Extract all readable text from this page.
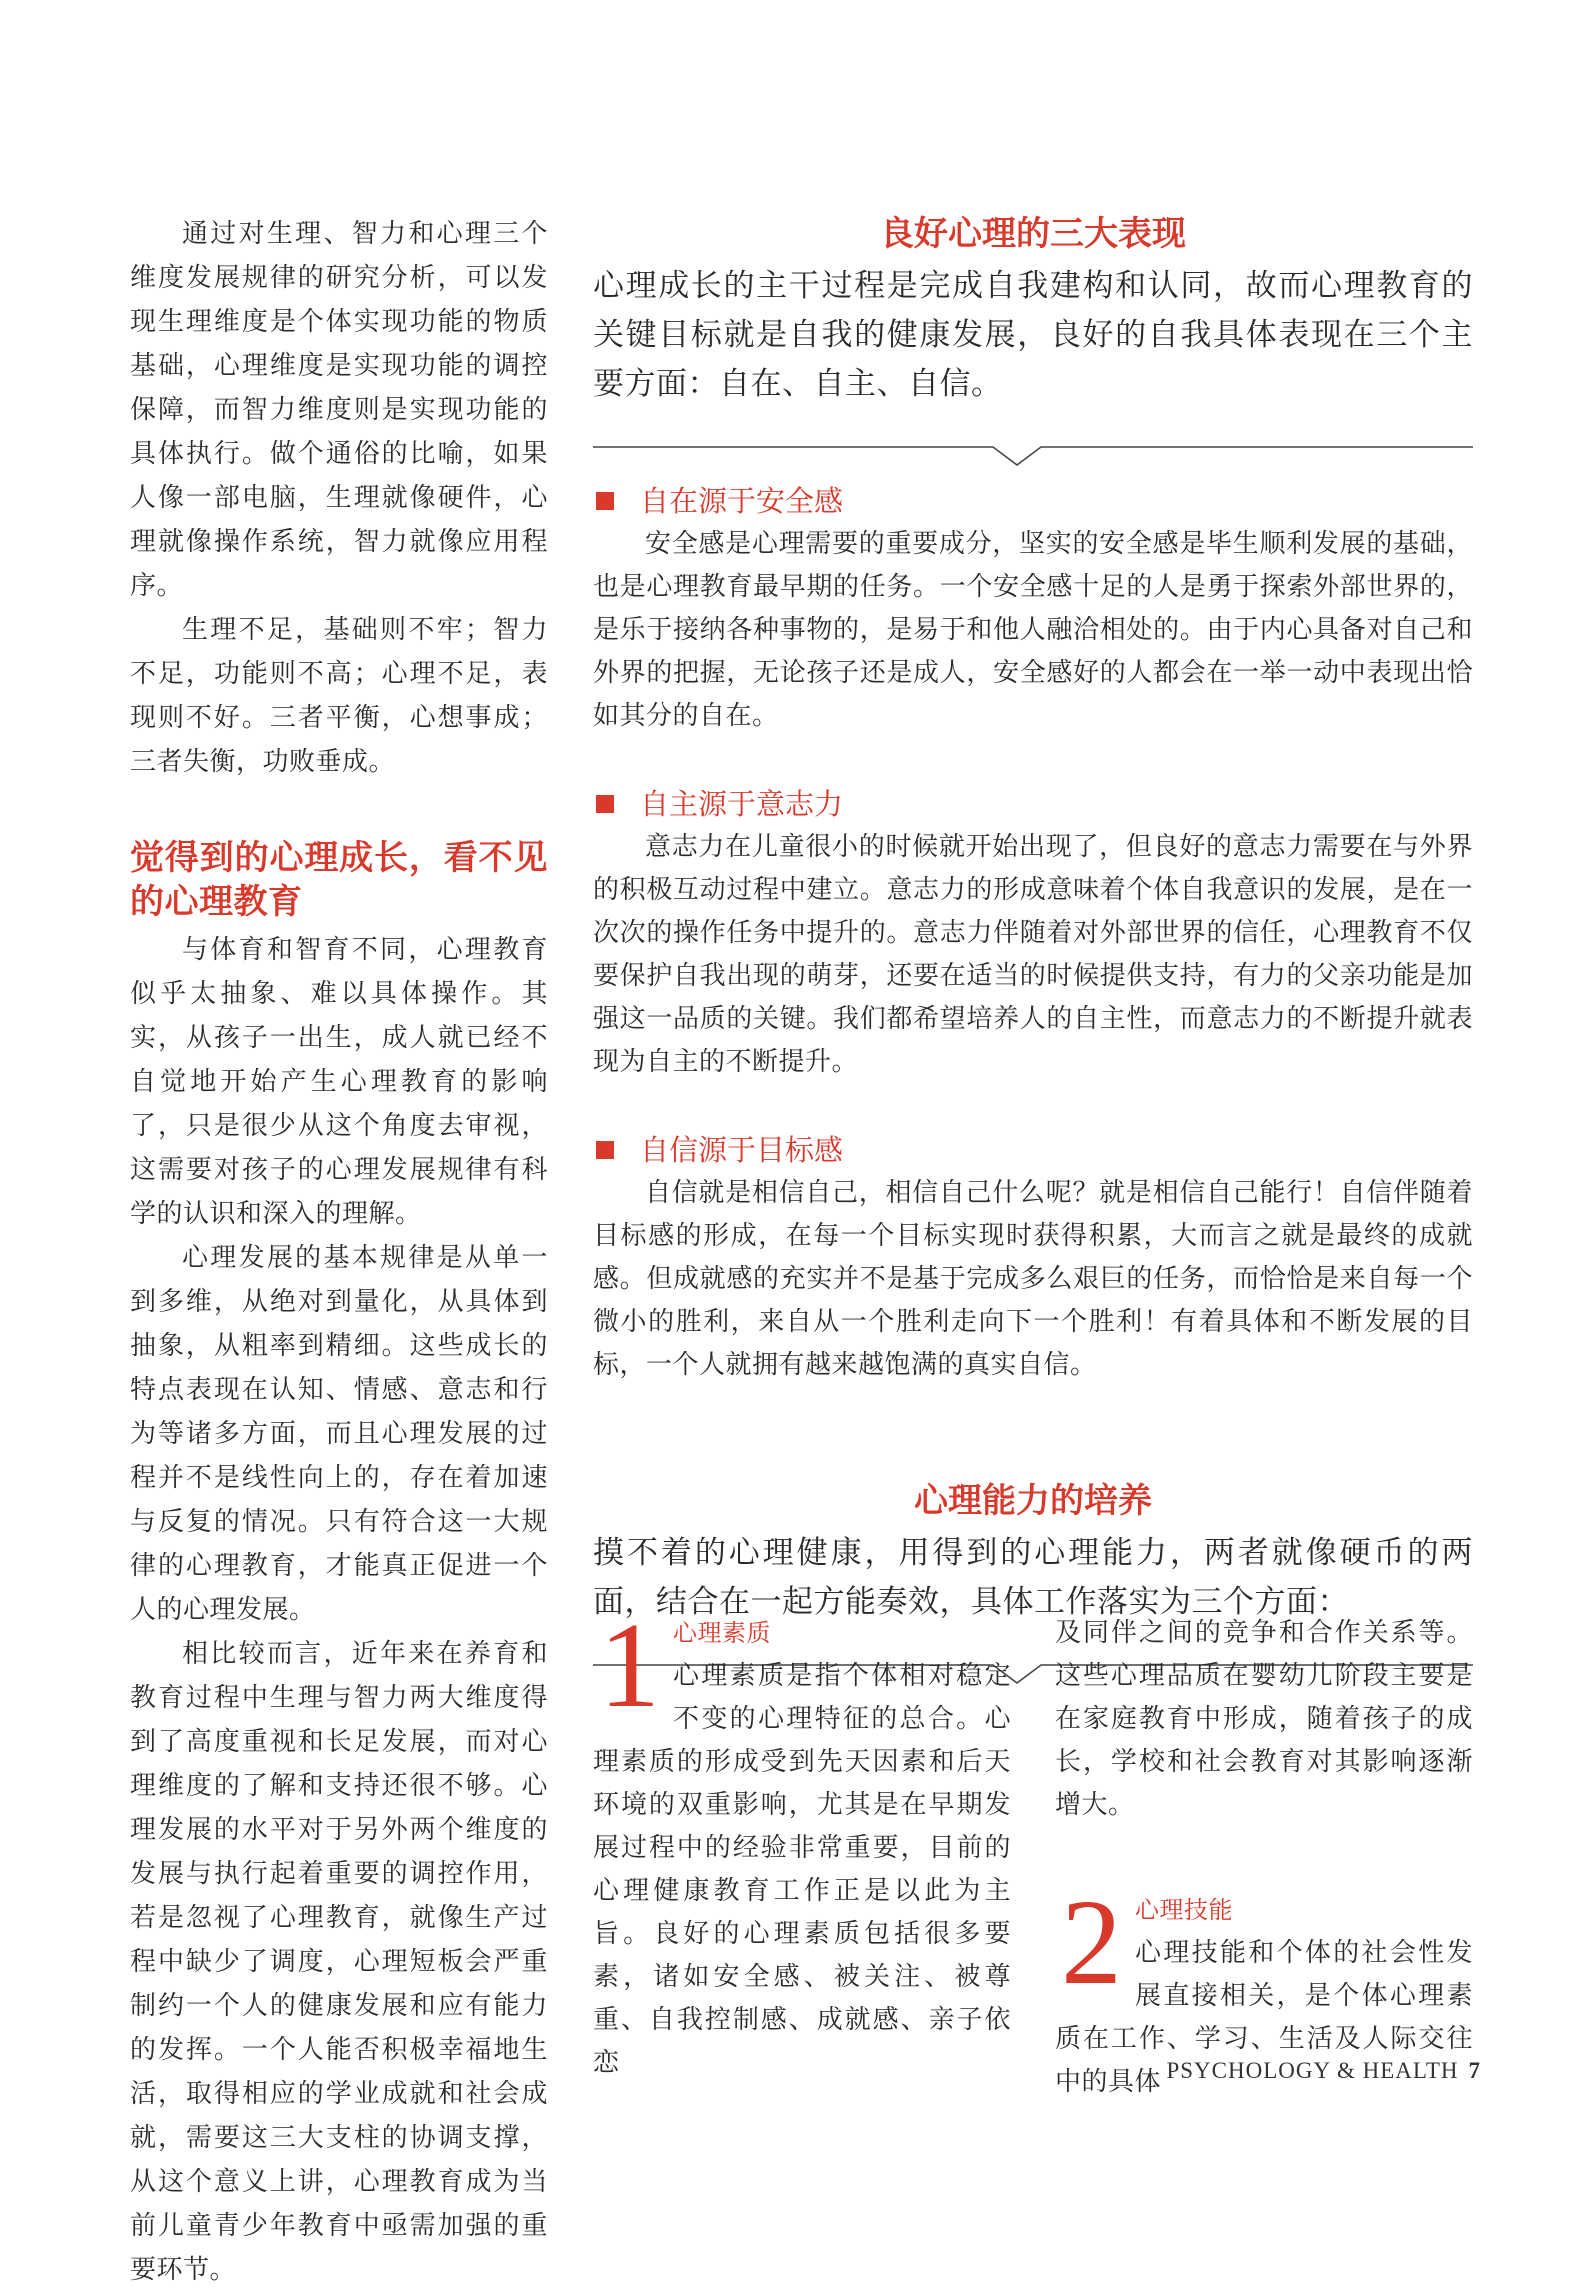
通过对生理、智力和心理三个维度发展规律的研究分析，可以发现生理维度是个体实现功能的物质基础，心理维度是实现功能的调控保障，而智力维度则是实现功能的具体执行。做个通俗的比喻，如果人像一部电脑，生理就像硬件，心理就像操作系统，智力就像应用程序。

生理不足，基础则不牢；智力不足，功能则不高；心理不足，表现则不好。三者平衡，心想事成；三者失衡，功败垂成。

觉得到的心理成长，看不见的心理教育

与体育和智育不同，心理教育似乎太抽象、难以具体操作。其实，从孩子一出生，成人就已经不自觉地开始产生心理教育的影响了，只是很少从这个角度去审视，这需要对孩子的心理发展规律有科学的认识和深入的理解。

心理发展的基本规律是从单一到多维，从绝对到量化，从具体到抽象，从粗率到精细。这些成长的特点表现在认知、情感、意志和行为等诸多方面，而且心理发展的过程并不是线性向上的，存在着加速与反复的情况。只有符合这一大规律的心理教育，才能真正促进一个人的心理发展。

相比较而言，近年来在养育和教育过程中生理与智力两大维度得到了高度重视和长足发展，而对心理维度的了解和支持还很不够。心理发展的水平对于另外两个维度的发展与执行起着重要的调控作用，若是忽视了心理教育，就像生产过程中缺少了调度，心理短板会严重制约一个人的健康发展和应有能力的发挥。一个人能否积极幸福地生活，取得相应的学业成就和社会成就，需要这三大支柱的协调支撑，从这个意义上讲，心理教育成为当前儿童青少年教育中亟需加强的重要环节。

良好心理的三大表现

心理成长的主干过程是完成自我建构和认同，故而心理教育的关键目标就是自我的健康发展，良好的自我具体表现在三个主要方面：自在、自主、自信。

自在源于安全感

安全感是心理需要的重要成分，坚实的安全感是毕生顺利发展的基础，也是心理教育最早期的任务。一个安全感十足的人是勇于探索外部世界的，是乐于接纳各种事物的，是易于和他人融洽相处的。由于内心具备对自己和外界的把握，无论孩子还是成人，安全感好的人都会在一举一动中表现出恰如其分的自在。

自主源于意志力

意志力在儿童很小的时候就开始出现了，但良好的意志力需要在与外界的积极互动过程中建立。意志力的形成意味着个体自我意识的发展，是在一次次的操作任务中提升的。意志力伴随着对外部世界的信任，心理教育不仅要保护自我出现的萌芽，还要在适当的时候提供支持，有力的父亲功能是加强这一品质的关键。我们都希望培养人的自主性，而意志力的不断提升就表现为自主的不断提升。

自信源于目标感

自信就是相信自己，相信自己什么呢？就是相信自己能行！自信伴随着目标感的形成，在每一个目标实现时获得积累，大而言之就是最终的成就感。但成就感的充实并不是基于完成多么艰巨的任务，而恰恰是来自每一个微小的胜利，来自从一个胜利走向下一个胜利！有着具体和不断发展的目标，一个人就拥有越来越饱满的真实自信。

心理能力的培养

摸不着的心理健康，用得到的心理能力，两者就像硬币的两面，结合在一起方能奏效，具体工作落实为三个方面：

1 心理素质

心理素质是指个体相对稳定不变的心理特征的总合。心理素质的形成受到先天因素和后天环境的双重影响，尤其是在早期发展过程中的经验非常重要，目前的心理健康教育工作正是以此为主旨。良好的心理素质包括很多要素，诸如安全感、被关注、被尊重、自我控制感、成就感、亲子依恋

及同伴之间的竞争和合作关系等。这些心理品质在婴幼儿阶段主要是在家庭教育中形成，随着孩子的成长，学校和社会教育对其影响逐渐增大。

2 心理技能

心理技能和个体的社会性发展直接相关，是个体心理素质在工作、学习、生活及人际交往中的具体 PSYCHOLOGY & HEALTH 7
